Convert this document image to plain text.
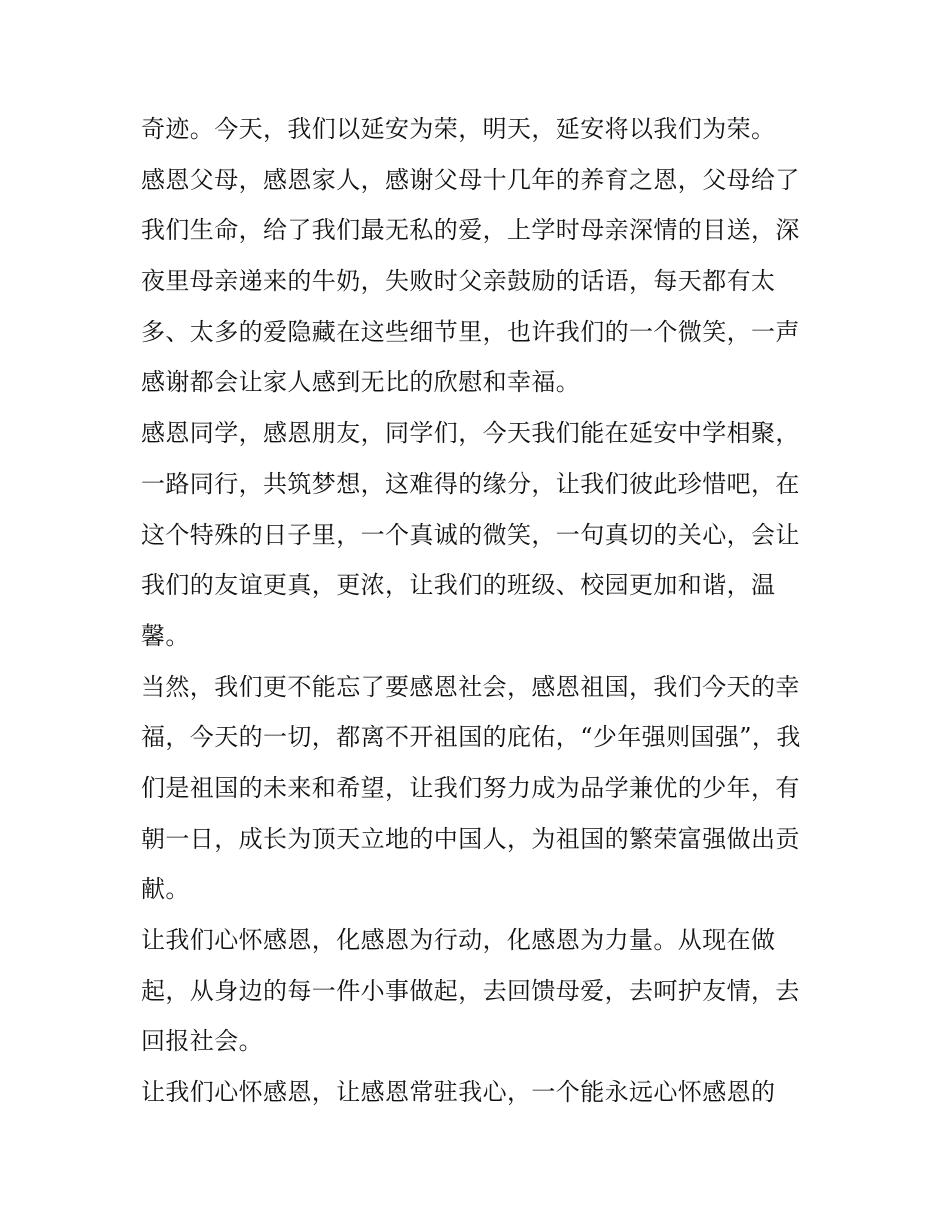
奇迹。今天，我们以延安为荣，明天，延安将以我们为荣。
感恩父母，感恩家人，感谢父母十几年的养育之恩，父母给了
我们生命，给了我们最无私的爱，上学时母亲深情的目送，深
夜里母亲递来的牛奶，失败时父亲鼓励的话语，每天都有太
多、太多的爱隐藏在这些细节里，也许我们的一个微笑，一声
感谢都会让家人感到无比的欣慰和幸福。
感恩同学，感恩朋友，同学们，今天我们能在延安中学相聚，
一路同行，共筑梦想，这难得的缘分，让我们彼此珍惜吧，在
这个特殊的日子里，一个真诚的微笑，一句真切的关心，会让
我们的友谊更真，更浓，让我们的班级、校园更加和谐，温
馨。
当然，我们更不能忘了要感恩社会，感恩祖国，我们今天的幸
福，今天的一切，都离不开祖国的庇佑，“少年强则国强”，我
们是祖国的未来和希望，让我们努力成为品学兼优的少年，有
朝一日，成长为顶天立地的中国人，为祖国的繁荣富强做出贡
献。
让我们心怀感恩，化感恩为行动，化感恩为力量。从现在做
起，从身边的每一件小事做起，去回馈母爱，去呵护友情，去
回报社会。
让我们心怀感恩，让感恩常驻我心，一个能永远心怀感恩的
